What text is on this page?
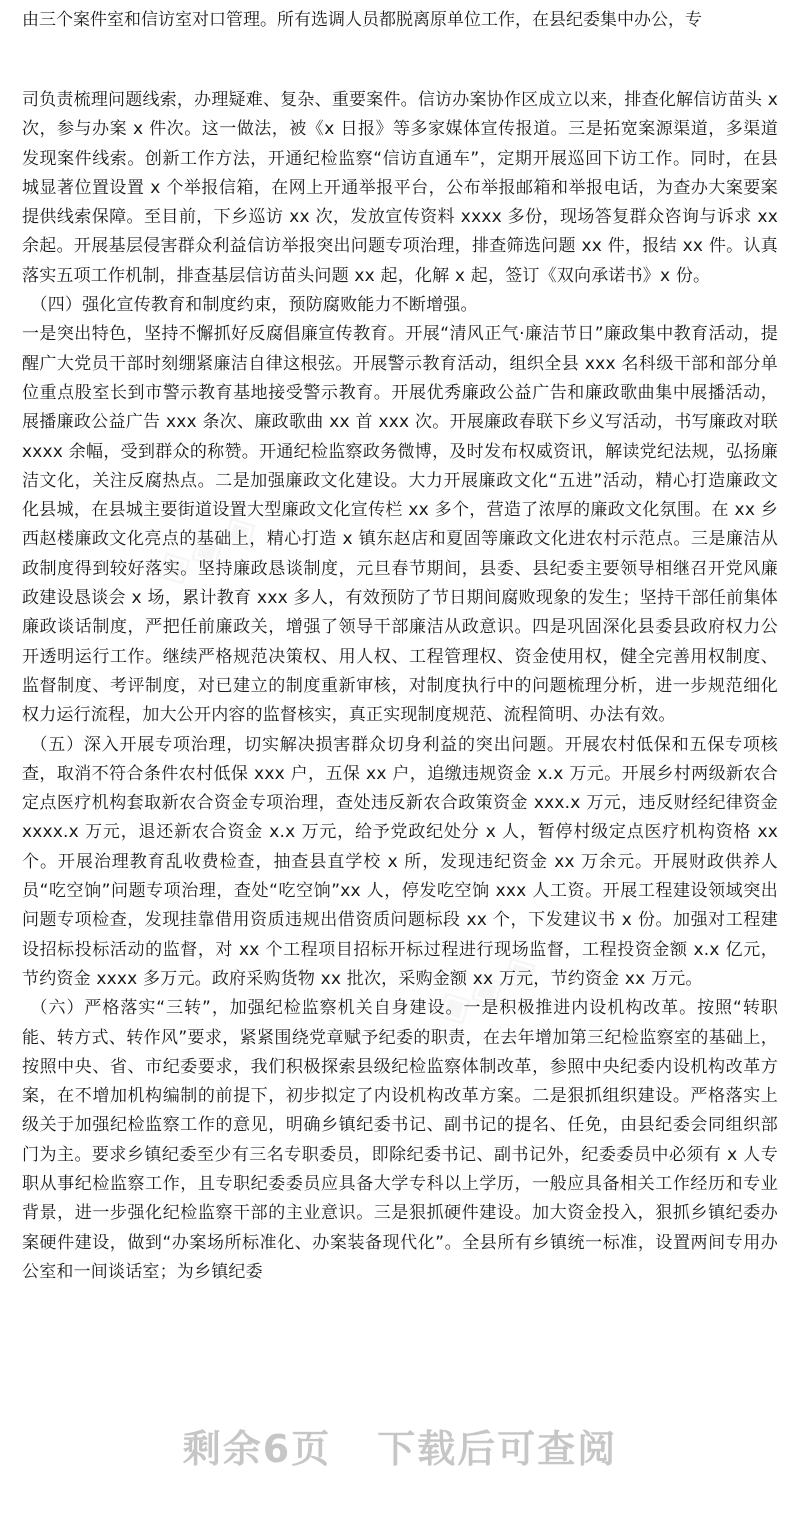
由三个案件室和信访室对口管理。所有选调人员都脱离原单位工作，在县纪委集中办公，专

司负责梳理问题线索，办理疑难、复杂、重要案件。信访办案协作区成立以来，排查化解信访苗头 x 次，参与办案 x 件次。这一做法，被《x 日报》等多家媒体宣传报道。三是拓宽案源渠道，多渠道发现案件线索。创新工作方法，开通纪检监察“信访直通车”，定期开展巡回下访工作。同时，在县城显著位置设置 x 个举报信箱，在网上开通举报平台，公布举报邮箱和举报电话，为查办大案要案提供线索保障。至目前，下乡巡访 xx 次，发放宣传资料 xxxx 多份，现场答复群众咨询与诉求 xx 余起。开展基层侵害群众利益信访举报突出问题专项治理，排查筛选问题 xx 件，报结 xx 件。认真落实五项工作机制，排查基层信访苗头问题 xx 起，化解 x 起，签订《双向承诺书》x 份。

（四）强化宣传教育和制度约束，预防腐败能力不断增强。

一是突出特色，坚持不懈抓好反腐倡廉宣传教育。开展“清风正气·廉洁节日”廉政集中教育活动，提醒广大党员干部时刻绷紧廉洁自律这根弦。开展警示教育活动，组织全县 xxx 名科级干部和部分单位重点股室长到市警示教育基地接受警示教育。开展优秀廉政公益广告和廉政歌曲集中展播活动，展播廉政公益广告 xxx 条次、廉政歌曲 xx 首 xxx 次。开展廉政春联下乡义写活动，书写廉政对联 xxxx 余幅，受到群众的称赞。开通纪检监察政务微博，及时发布权威资讯，解读党纪法规，弘扬廉洁文化，关注反腐热点。二是加强廉政文化建设。大力开展廉政文化“五进”活动，精心打造廉政文化县城，在县城主要街道设置大型廉政文化宣传栏 xx 多个，营造了浓厚的廉政文化氛围。在 xx 乡西赵楼廉政文化亮点的基础上，精心打造 x 镇东赵店和夏固等廉政文化进农村示范点。三是廉洁从政制度得到较好落实。坚持廉政恳谈制度，元旦春节期间，县委、县纪委主要领导相继召开党风廉政建设恳谈会 x 场，累计教育 xxx 多人，有效预防了节日期间腐败现象的发生；坚持干部任前集体廉政谈话制度，严把任前廉政关，增强了领导干部廉洁从政意识。四是巩固深化县委县政府权力公开透明运行工作。继续严格规范决策权、用人权、工程管理权、资金使用权，健全完善用权制度、监督制度、考评制度，对已建立的制度重新审核，对制度执行中的问题梳理分析，进一步规范细化权力运行流程，加大公开内容的监督核实，真正实现制度规范、流程简明、办法有效。

（五）深入开展专项治理，切实解决损害群众切身利益的突出问题。开展农村低保和五保专项核查，取消不符合条件农村低保 xxx 户，五保 xx 户，追缴违规资金 x.x 万元。开展乡村两级新农合定点医疗机构套取新农合资金专项治理，查处违反新农合政策资金 xxx.x 万元，违反财经纪律资金 xxxx.x 万元，退还新农合资金 x.x 万元，给予党政纪处分 x 人，暂停村级定点医疗机构资格 xx 个。开展治理教育乱收费检查，抽查县直学校 x 所，发现违纪资金 xx 万余元。开展财政供养人员“吃空饷”问题专项治理，查处“吃空饷”xx 人，停发吃空饷 xxx 人工资。开展工程建设领域突出问题专项检查，发现挂靠借用资质违规出借资质问题标段 xx 个，下发建议书 x 份。加强对工程建设招标投标活动的监督，对 xx 个工程项目招标开标过程进行现场监督，工程投资金额 x.x 亿元，节约资金 xxxx 多万元。政府采购货物 xx 批次，采购金额 xx 万元，节约资金 xx 万元。

（六）严格落实“三转”，加强纪检监察机关自身建设。一是积极推进内设机构改革。按照“转职能、转方式、转作风”要求，紧紧围绕党章赋予纪委的职责，在去年增加第三纪检监察室的基础上，按照中央、省、市纪委要求，我们积极探索县级纪检监察体制改革，参照中央纪委内设机构改革方案，在不增加机构编制的前提下，初步拟定了内设机构改革方案。二是狠抓组织建设。严格落实上级关于加强纪检监察工作的意见，明确乡镇纪委书记、副书记的提名、任免，由县纪委会同组织部门为主。要求乡镇纪委至少有三名专职委员，即除纪委书记、副书记外，纪委委员中必须有 x 人专职从事纪检监察工作，且专职纪委委员应具备大学专科以上学历，一般应具备相关工作经历和专业背景，进一步强化纪检监察干部的主业意识。三是狠抓硬件建设。加大资金投入，狠抓乡镇纪委办案硬件建设，做到“办案场所标准化、办案装备现代化”。全县所有乡镇统一标准，设置两间专用办公室和一间谈话室；为乡镇纪委

剩余6页 下载后可查阅
